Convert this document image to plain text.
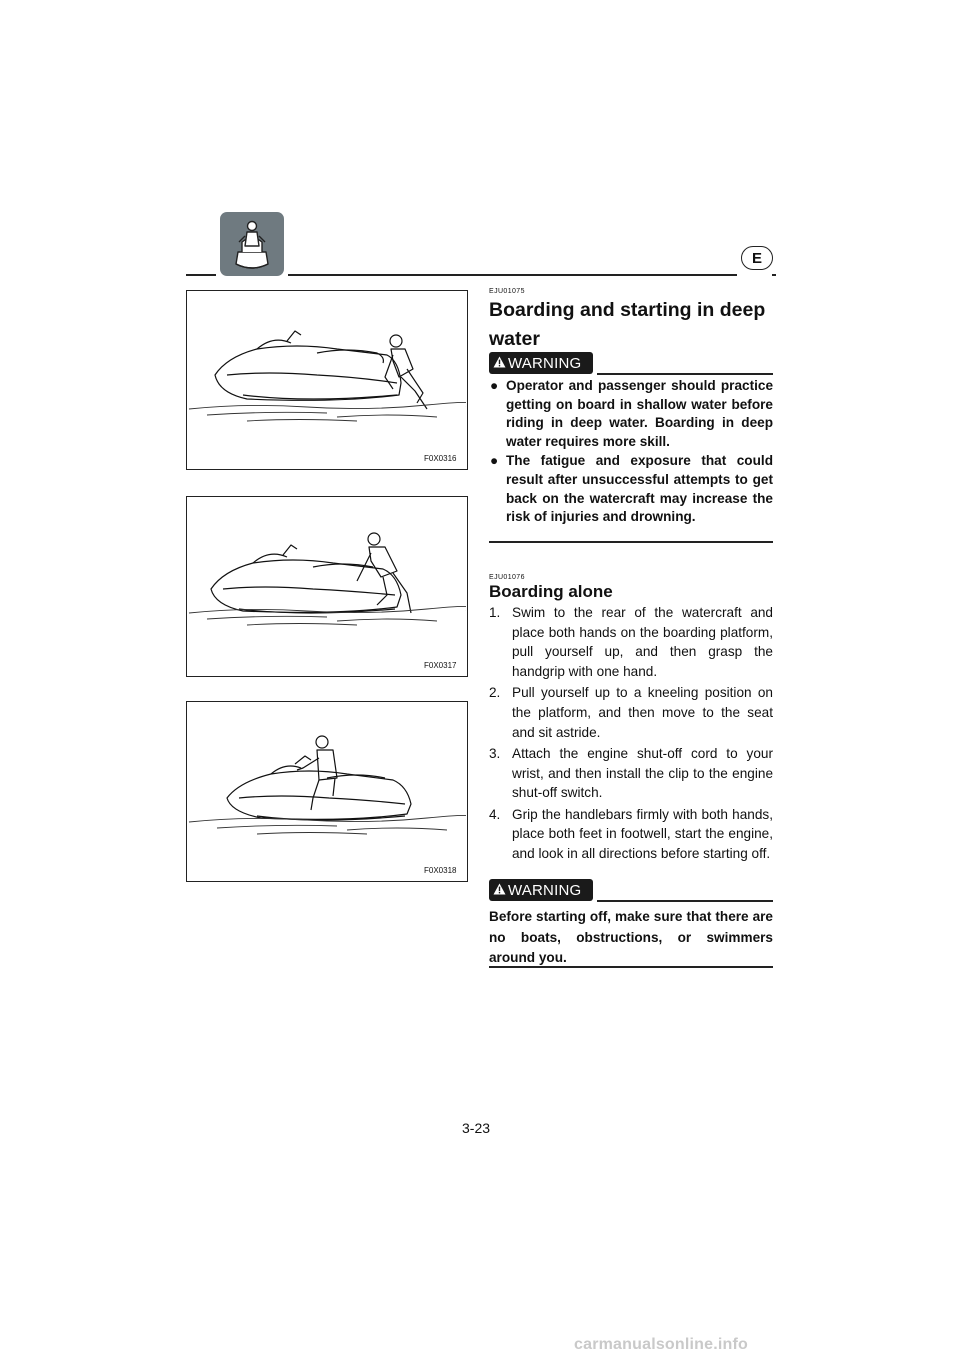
E
F0X0316
F0X0317
F0X0318
EJU01075
Boarding and starting in deep water
WARNING
● Operator and passenger should practice getting on board in shallow water before riding in deep water. Boarding in deep water requires more skill.
● The fatigue and exposure that could result after unsuccessful attempts to get back on the watercraft may increase the risk of injuries and drowning.
EJU01076
Boarding alone
1. Swim to the rear of the watercraft and place both hands on the boarding platform, pull yourself up, and then grasp the handgrip with one hand.
2. Pull yourself up to a kneeling position on the platform, and then move to the seat and sit astride.
3. Attach the engine shut-off cord to your wrist, and then install the clip to the engine shut-off switch.
4. Grip the handlebars firmly with both hands, place both feet in footwell, start the engine, and look in all directions before starting off.
WARNING
Before starting off, make sure that there are no boats, obstructions, or swimmers around you.
3-23
carmanualsonline.info
